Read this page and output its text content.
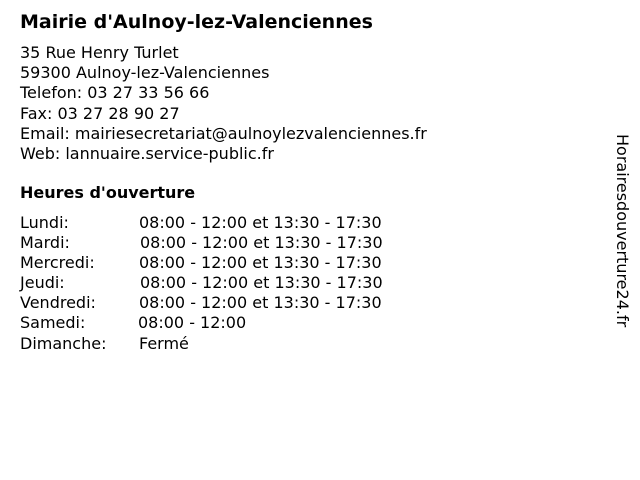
Mairie d'Aulnoy-lez-Valenciennes
35 Rue Henry Turlet
59300 Aulnoy-lez-Valenciennes
Telefon: 03 27 33 56 66
Fax: 03 27 28 90 27
Email: mairiesecretariat@aulnoylezvalenciennes.fr
Web: lannuaire.service-public.fr
Heures d'ouverture
Lundi:	08:00 - 12:00 et 13:30 - 17:30
Mardi:	08:00 - 12:00 et 13:30 - 17:30
Mercredi:	08:00 - 12:00 et 13:30 - 17:30
Jeudi:	08:00 - 12:00 et 13:30 - 17:30
Vendredi:	08:00 - 12:00 et 13:30 - 17:30
Samedi:	08:00 - 12:00
Dimanche: Fermé
Horairesdouverture24.fr
